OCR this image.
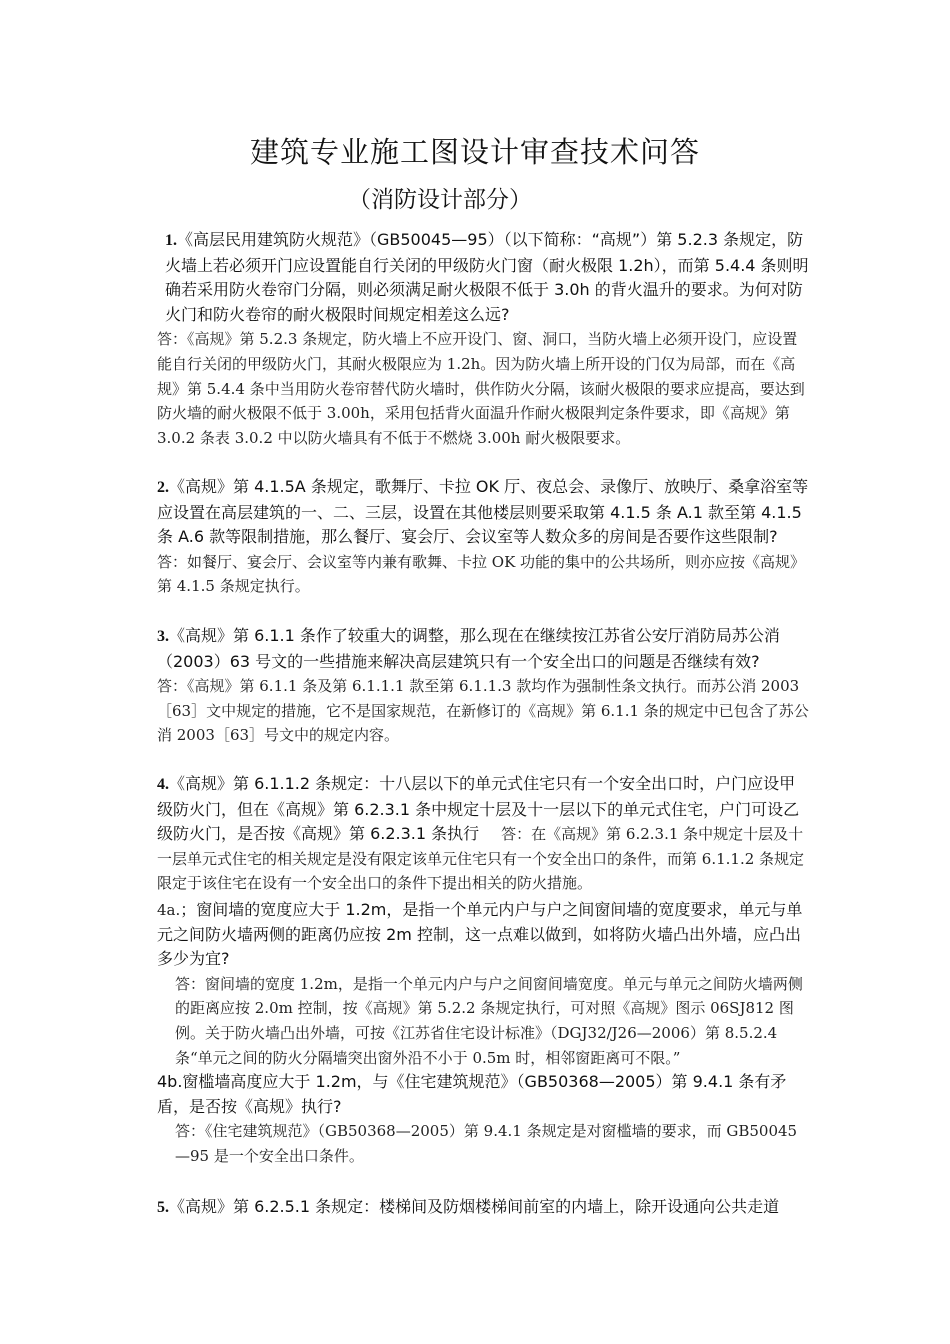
建筑专业施工图设计审查技术问答
（消防设计部分）
1.《高层民用建筑防火规范》（GB50045—95）（以下简称：“高规”）第 5.2.3 条规定，防火墙上若必须开门应设置能自行关闭的甲级防火门窗（耐火极限 1.2h），而第 5.4.4 条则明确若采用防火卷帘门分隔，则必须满足耐火极限不低于 3.0h 的背火温升的要求。为何对防火门和防火卷帘的耐火极限时间规定相差这么远?
答：《高规》第 5.2.3 条规定，防火墙上不应开设门、窗、洞口，当防火墙上必须开设门，应设置能自行关闭的甲级防火门，其耐火极限应为 1.2h。因为防火墙上所开设的门仅为局部，而在《高规》第 5.4.4 条中当用防火卷帘替代防火墙时，供作防火分隔，该耐火极限的要求应提高，要达到防火墙的耐火极限不低于 3.00h，采用包括背火面温升作耐火极限判定条件要求，即《高规》第 3.0.2 条表 3.0.2 中以防火墙具有不低于不燃烧 3.00h 耐火极限要求。
2.《高规》第 4.1.5A 条规定，歌舞厅、卡拉 OK 厅、夜总会、录像厅、放映厅、桑拿浴室等应设置在高层建筑的一、二、三层，设置在其他楼层则要采取第 4.1.5 条 A.1 款至第 4.1.5 条 A.6 款等限制措施，那么餐厅、宴会厅、会议室等人数众多的房间是否要作这些限制?
答：如餐厅、宴会厅、会议室等内兼有歌舞、卡拉 OK 功能的集中的公共场所，则亦应按《高规》第 4.1.5 条规定执行。
3.《高规》第 6.1.1 条作了较重大的调整，那么现在在继续按江苏省公安厅消防局苏公消（2003）63 号文的一些措施来解决高层建筑只有一个安全出口的问题是否继续有效?
答：《高规》第 6.1.1 条及第 6.1.1.1 款至第 6.1.1.3 款均作为强制性条文执行。而苏公消 2003［63］文中规定的措施，它不是国家规范，在新修订的《高规》第 6.1.1 条的规定中已包含了苏公消 2003［63］号文中的规定内容。
4.《高规》第 6.1.1.2 条规定：十八层以下的单元式住宅只有一个安全出口时，户门应设甲级防火门，但在《高规》第 6.2.3.1 条中规定十层及十一层以下的单元式住宅，户门可设乙级防火门，是否按《高规》第 6.2.3.1 条执行 答：在《高规》第 6.2.3.1 条中规定十层及十一层单元式住宅的相关规定是没有限定该单元住宅只有一个安全出口的条件，而第 6.1.1.2 条规定限定于该住宅在设有一个安全出口的条件下提出相关的防火措施。
4a.；窗间墙的宽度应大于 1.2m，是指一个单元内户与户之间窗间墙的宽度要求，单元与单元之间防火墙两侧的距离仍应按 2m 控制，这一点难以做到，如将防火墙凸出外墙，应凸出多少为宜?
答：窗间墙的宽度 1.2m，是指一个单元内户与户之间窗间墙宽度。单元与单元之间防火墙两侧的距离应按 2.0m 控制，按《高规》第 5.2.2 条规定执行，可对照《高规》图示 06SJ812 图例。关于防火墙凸出外墙，可按《江苏省住宅设计标准》（DGJ32/J26—2006）第 8.5.2.4 条“单元之间的防火分隔墙突出窗外沿不小于 0.5m 时，相邻窗距离可不限。”
4b.窗槛墙高度应大于 1.2m，与《住宅建筑规范》（GB50368—2005）第 9.4.1 条有矛盾，是否按《高规》执行?
答：《住宅建筑规范》（GB50368—2005）第 9.4.1 条规定是对窗槛墙的要求，而 GB50045—95 是一个安全出口条件。
5.《高规》第 6.2.5.1 条规定：楼梯间及防烟楼梯间前室的内墙上，除开设通向公共走道
